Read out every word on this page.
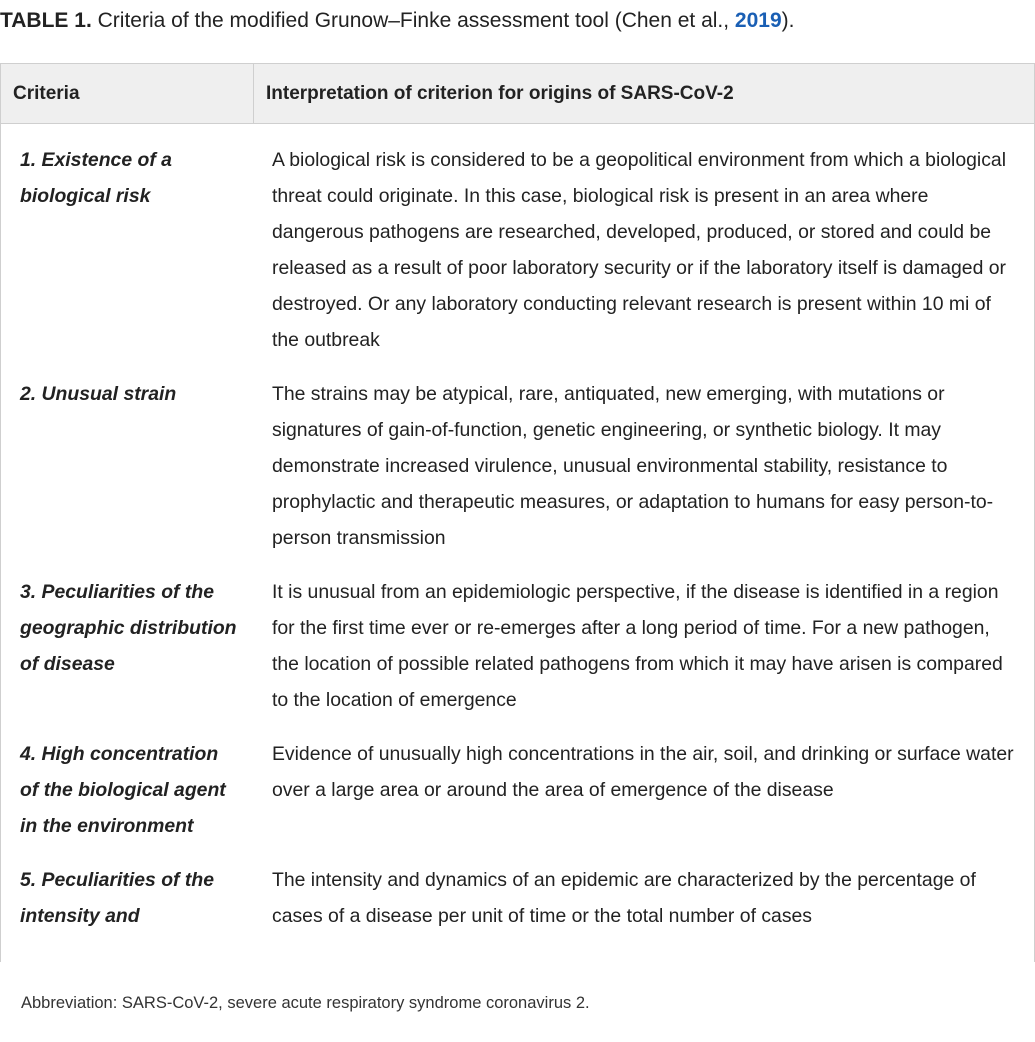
TABLE 1. Criteria of the modified Grunow–Finke assessment tool (Chen et al., 2019).
Criteria	Interpretation of criterion for origins of SARS-CoV-2
1. Existence of a biological risk
A biological risk is considered to be a geopolitical environment from which a biological threat could originate. In this case, biological risk is present in an area where dangerous pathogens are researched, developed, produced, or stored and could be released as a result of poor laboratory security or if the laboratory itself is damaged or destroyed. Or any laboratory conducting relevant research is present within 10 mi of the outbreak
2. Unusual strain	The strains may be atypical, rare, antiquated, new emerging, with mutations or signatures of gain-of-function, genetic engineering, or synthetic biology. It may demonstrate increased virulence, unusual environmental stability, resistance to prophylactic and therapeutic measures, or adaptation to humans for easy person-to-person transmission
3. Peculiarities of the geographic distribution of disease
It is unusual from an epidemiologic perspective, if the disease is identified in a region for the first time ever or re-emerges after a long period of time. For a new pathogen, the location of possible related pathogens from which it may have arisen is compared to the location of emergence
4. High concentration of the biological agent in the environment
Evidence of unusually high concentrations in the air, soil, and drinking or surface water over a large area or around the area of emergence of the disease
5. Peculiarities of the intensity and
The intensity and dynamics of an epidemic are characterized by the percentage of cases of a disease per unit of time or the total number of cases
Abbreviation: SARS-CoV-2, severe acute respiratory syndrome coronavirus 2.
